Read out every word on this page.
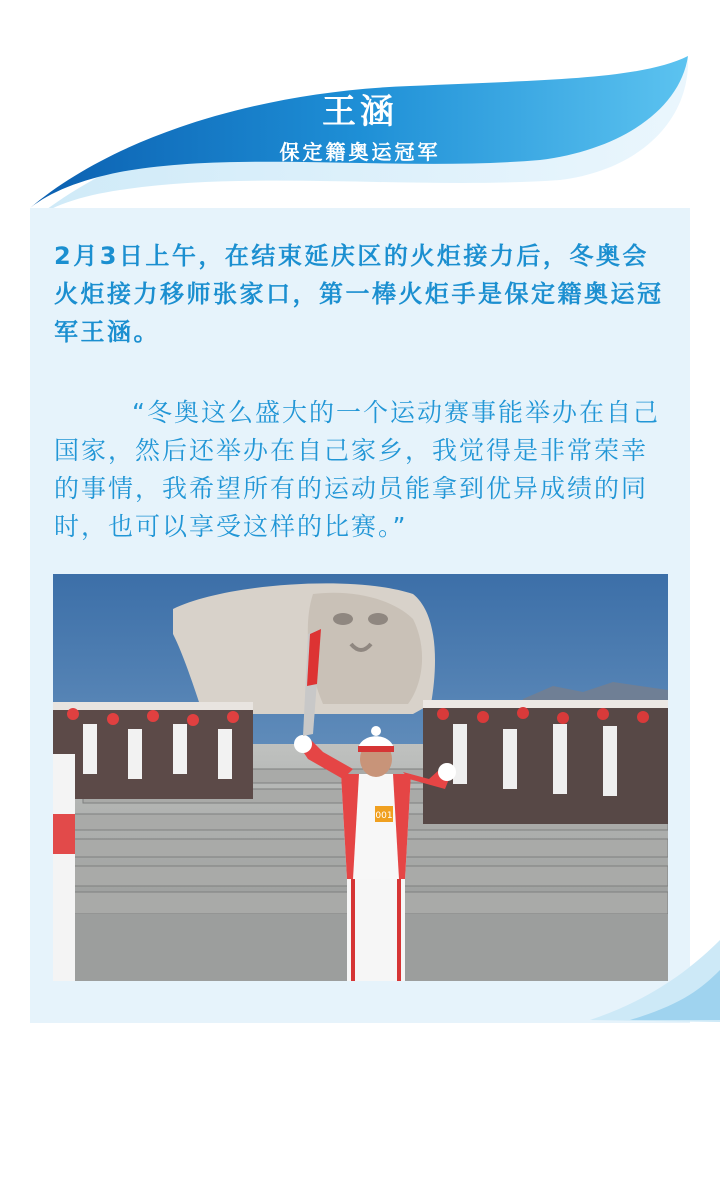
王涵
保定籍奥运冠军

2月3日上午，在结束延庆区的火炬接力后，冬奥会火炬接力移师张家口，第一棒火炬手是保定籍奥运冠军王涵。

“冬奥这么盛大的一个运动赛事能举办在自己国家，然后还举办在自己家乡，我觉得是非常荣幸的事情，我希望所有的运动员能拿到优异成绩的同时，也可以享受这样的比赛。”

001
